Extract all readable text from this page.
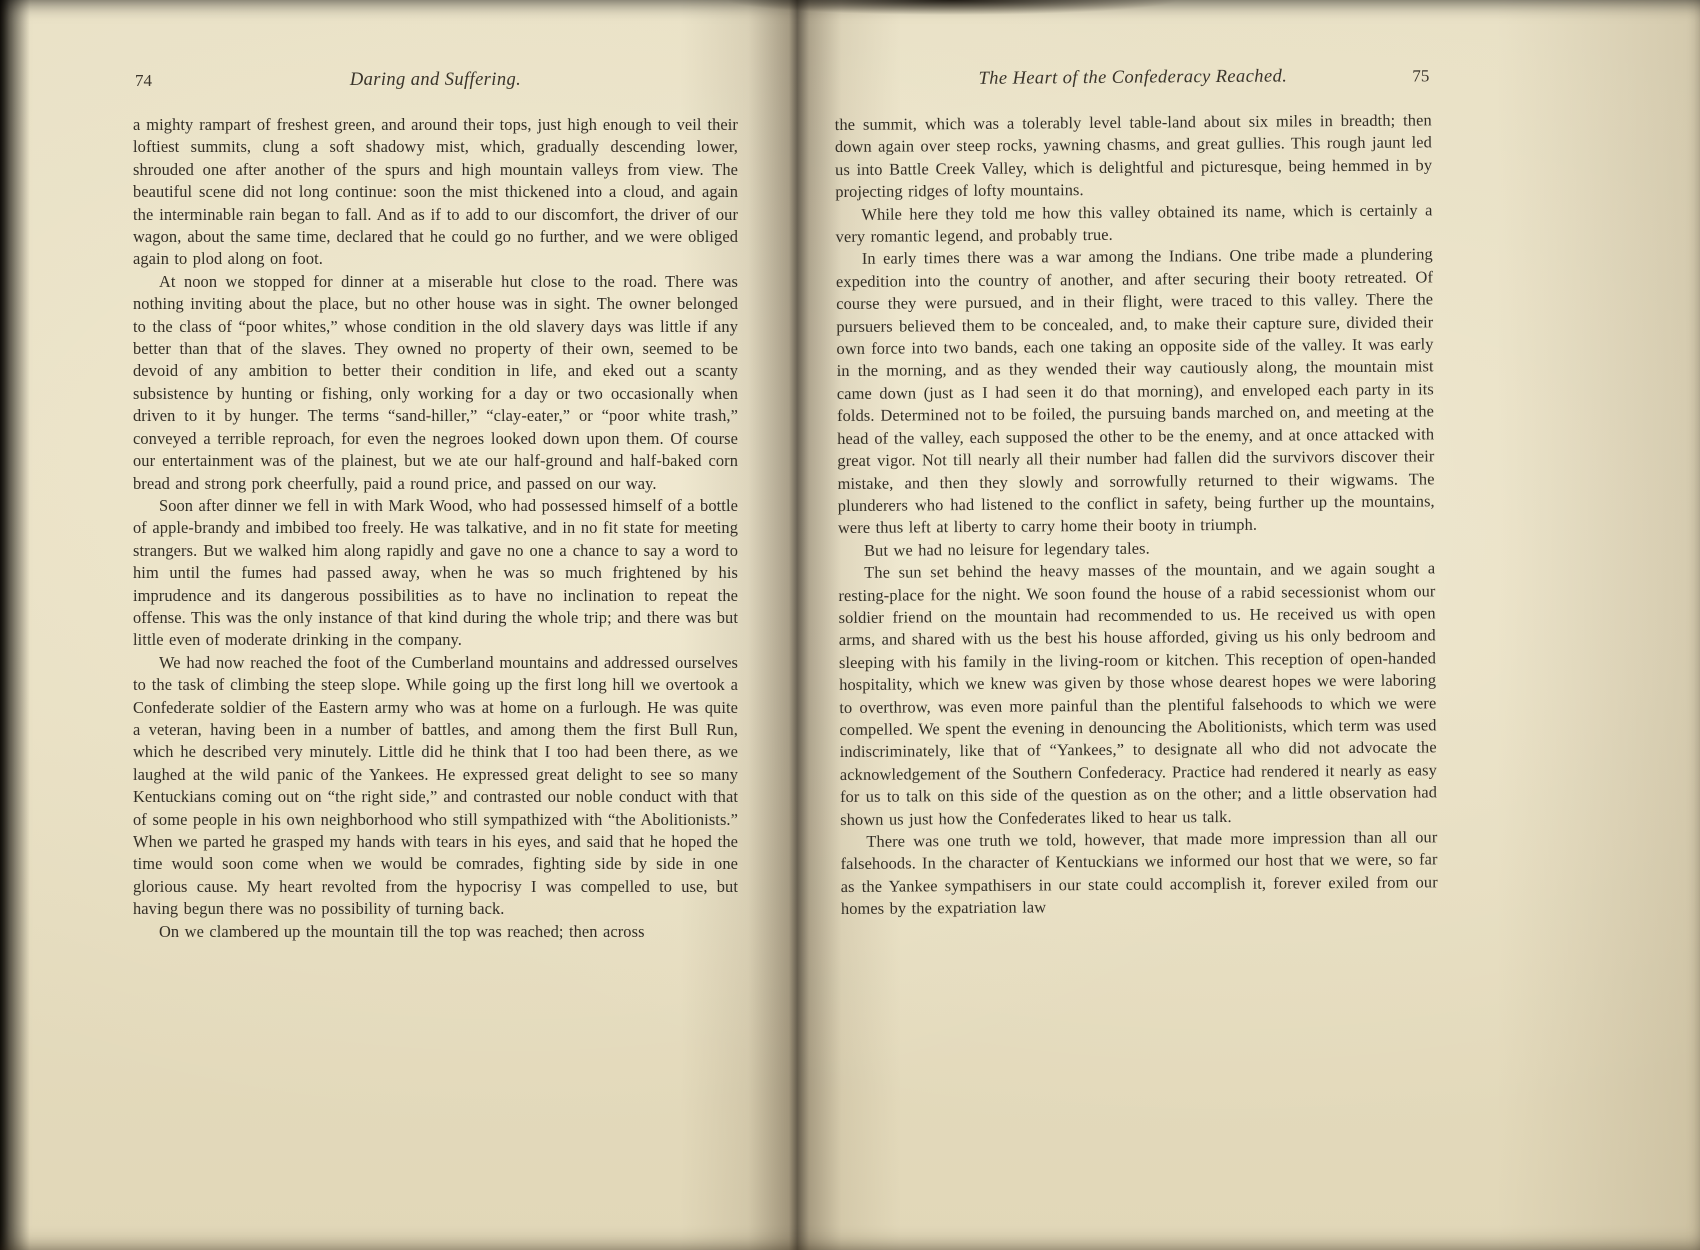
74	Daring and Suffering.

a mighty rampart of freshest green, and around their tops, just high enough to veil their loftiest summits, clung a soft shadowy mist, which, gradually descending lower, shrouded one after another of the spurs and high mountain valleys from view. The beautiful scene did not long continue: soon the mist thickened into a cloud, and again the interminable rain began to fall. And as if to add to our discomfort, the driver of our wagon, about the same time, declared that he could go no further, and we were obliged again to plod along on foot.

At noon we stopped for dinner at a miserable hut close to the road. There was nothing inviting about the place, but no other house was in sight. The owner belonged to the class of “poor whites,” whose condition in the old slavery days was little if any better than that of the slaves. They owned no property of their own, seemed to be devoid of any ambition to better their condition in life, and eked out a scanty subsistence by hunting or fishing, only working for a day or two occasionally when driven to it by hunger. The terms “sand-hiller,” “clay-eater,” or “poor white trash,” conveyed a terrible reproach, for even the negroes looked down upon them. Of course our entertainment was of the plainest, but we ate our half-ground and half-baked corn bread and strong pork cheerfully, paid a round price, and passed on our way.

Soon after dinner we fell in with Mark Wood, who had possessed himself of a bottle of apple-brandy and imbibed too freely. He was talkative, and in no fit state for meeting strangers. But we walked him along rapidly and gave no one a chance to say a word to him until the fumes had passed away, when he was so much frightened by his imprudence and its dangerous possibilities as to have no inclination to repeat the offense. This was the only instance of that kind during the whole trip; and there was but little even of moderate drinking in the company.

We had now reached the foot of the Cumberland mountains and addressed ourselves to the task of climbing the steep slope. While going up the first long hill we overtook a Confederate soldier of the Eastern army who was at home on a furlough. He was quite a veteran, having been in a number of battles, and among them the first Bull Run, which he described very minutely. Little did he think that I too had been there, as we laughed at the wild panic of the Yankees. He expressed great delight to see so many Kentuckians coming out on “the right side,” and contrasted our noble conduct with that of some people in his own neighborhood who still sympathized with “the Abolitionists.” When we parted he grasped my hands with tears in his eyes, and said that he hoped the time would soon come when we would be comrades, fighting side by side in one glorious cause. My heart revolted from the hypocrisy I was compelled to use, but having begun there was no possibility of turning back.

On we clambered up the mountain till the top was reached; then across

The Heart of the Confederacy Reached.	75

the summit, which was a tolerably level table-land about six miles in breadth; then down again over steep rocks, yawning chasms, and great gullies. This rough jaunt led us into Battle Creek Valley, which is delightful and picturesque, being hemmed in by projecting ridges of lofty mountains.

While here they told me how this valley obtained its name, which is certainly a very romantic legend, and probably true.

In early times there was a war among the Indians. One tribe made a plundering expedition into the country of another, and after securing their booty retreated. Of course they were pursued, and in their flight, were traced to this valley. There the pursuers believed them to be concealed, and, to make their capture sure, divided their own force into two bands, each one taking an opposite side of the valley. It was early in the morning, and as they wended their way cautiously along, the mountain mist came down (just as I had seen it do that morning), and enveloped each party in its folds. Determined not to be foiled, the pursuing bands marched on, and meeting at the head of the valley, each supposed the other to be the enemy, and at once attacked with great vigor. Not till nearly all their number had fallen did the survivors discover their mistake, and then they slowly and sorrowfully returned to their wigwams. The plunderers who had listened to the conflict in safety, being further up the mountains, were thus left at liberty to carry home their booty in triumph.

But we had no leisure for legendary tales.

The sun set behind the heavy masses of the mountain, and we again sought a resting-place for the night. We soon found the house of a rabid secessionist whom our soldier friend on the mountain had recommended to us. He received us with open arms, and shared with us the best his house afforded, giving us his only bedroom and sleeping with his family in the living-room or kitchen. This reception of open-handed hospitality, which we knew was given by those whose dearest hopes we were laboring to overthrow, was even more painful than the plentiful falsehoods to which we were compelled. We spent the evening in denouncing the Abolitionists, which term was used indiscriminately, like that of “Yankees,” to designate all who did not advocate the acknowledgement of the Southern Confederacy. Practice had rendered it nearly as easy for us to talk on this side of the question as on the other; and a little observation had shown us just how the Confederates liked to hear us talk.

There was one truth we told, however, that made more impression than all our falsehoods. In the character of Kentuckians we informed our host that we were, so far as the Yankee sympathisers in our state could accomplish it, forever exiled from our homes by the expatriation law
